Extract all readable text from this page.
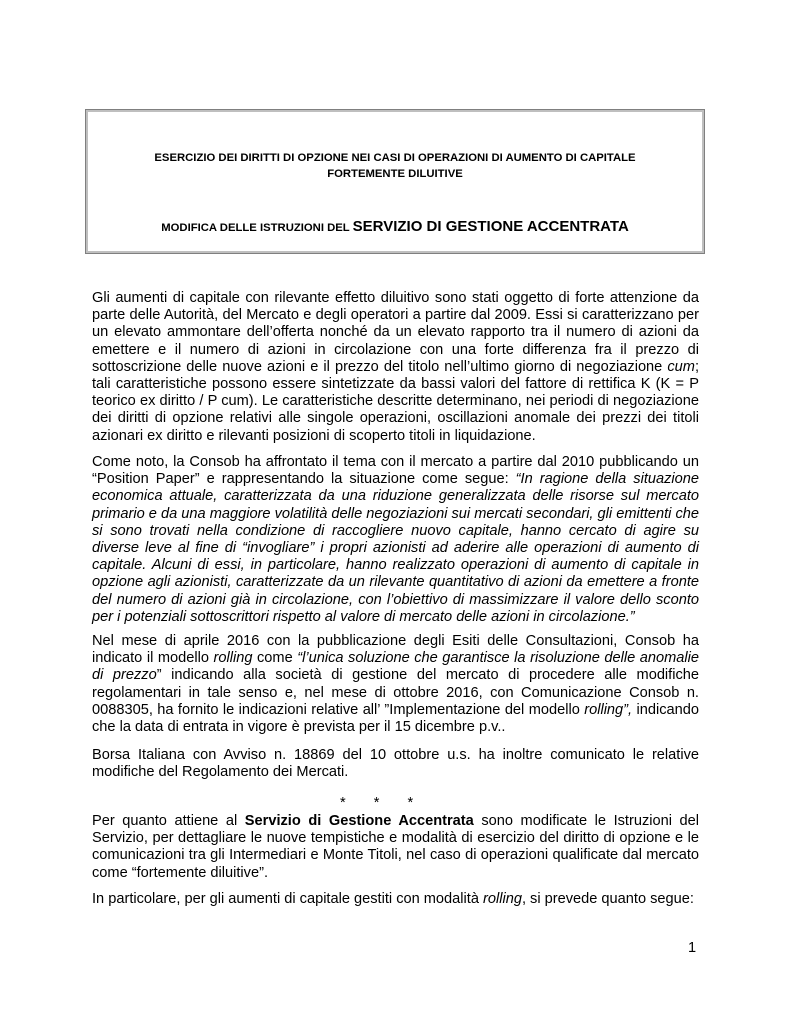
ESERCIZIO DEI DIRITTI DI OPZIONE NEI CASI DI OPERAZIONI DI AUMENTO DI CAPITALE
FORTEMENTE DILUITIVE
MODIFICA DELLE ISTRUZIONI DEL SERVIZIO DI GESTIONE ACCENTRATA
Gli aumenti di capitale con rilevante effetto diluitivo sono stati oggetto di forte attenzione da parte delle Autorità, del Mercato e degli operatori a partire dal 2009. Essi si caratterizzano per un elevato ammontare dell’offerta nonché da un elevato rapporto tra il numero di azioni da emettere e il numero di azioni in circolazione con una forte differenza fra il prezzo di sottoscrizione delle nuove azioni e il prezzo del titolo nell’ultimo giorno di negoziazione cum; tali caratteristiche possono essere sintetizzate da bassi valori del fattore di rettifica K (K = P teorico ex diritto / P cum). Le caratteristiche descritte determinano, nei periodi di negoziazione dei diritti di opzione relativi alle singole operazioni, oscillazioni anomale dei prezzi dei titoli azionari ex diritto e rilevanti posizioni di scoperto titoli in liquidazione.
Come noto, la Consob ha affrontato il tema con il mercato a partire dal 2010 pubblicando un “Position Paper” e rappresentando la situazione come segue: “In ragione della situazione economica attuale, caratterizzata da una riduzione generalizzata delle risorse sul mercato primario e da una maggiore volatilità delle negoziazioni sui mercati secondari, gli emittenti che si sono trovati nella condizione di raccogliere nuovo capitale, hanno cercato di agire su diverse leve al fine di “invogliare” i propri azionisti ad aderire alle operazioni di aumento di capitale. Alcuni di essi, in particolare, hanno realizzato operazioni di aumento di capitale in opzione agli azionisti, caratterizzate da un rilevante quantitativo di azioni da emettere a fronte del numero di azioni già in circolazione, con l’obiettivo di massimizzare il valore dello sconto per i potenziali sottoscrittori rispetto al valore di mercato delle azioni in circolazione.”
Nel mese di aprile 2016 con la pubblicazione degli Esiti delle Consultazioni, Consob ha indicato il modello rolling come “l’unica soluzione che garantisce la risoluzione delle anomalie di prezzo” indicando alla società di gestione del mercato di procedere alle modifiche regolamentari in tale senso e, nel mese di ottobre 2016, con Comunicazione Consob n. 0088305, ha fornito le indicazioni relative all’ ”Implementazione del modello rolling”, indicando che la data di entrata in vigore è prevista per il 15 dicembre p.v..
Borsa Italiana con Avviso n. 18869 del 10 ottobre u.s. ha inoltre comunicato le relative modifiche del Regolamento dei Mercati.
* * *
Per quanto attiene al Servizio di Gestione Accentrata sono modificate le Istruzioni del Servizio, per dettagliare le nuove tempistiche e modalità di esercizio del diritto di opzione e le comunicazioni tra gli Intermediari e Monte Titoli, nel caso di operazioni qualificate dal mercato come “fortemente diluitive”.
In particolare, per gli aumenti di capitale gestiti con modalità rolling, si prevede quanto segue:
1
